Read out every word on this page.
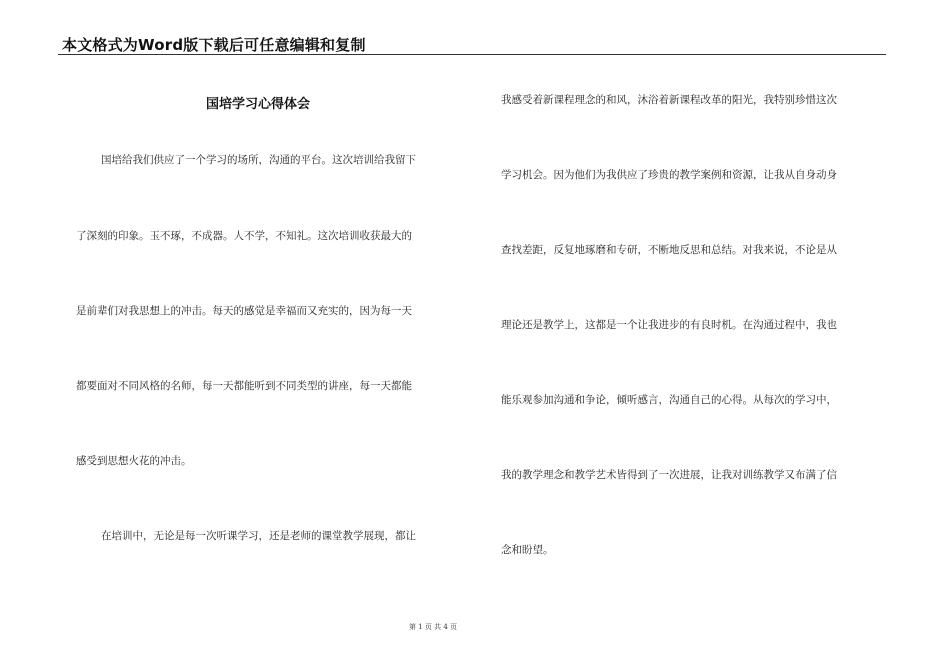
本文格式为Word版下载后可任意编辑和复制
国培学习心得体会
国培给我们供应了一个学习的场所，沟通的平台。这次培训给我留下
了深刻的印象。玉不琢，不成器。人不学，不知礼。这次培训收获最大的
是前辈们对我思想上的冲击。每天的感觉是幸福而又充实的，因为每一天
都要面对不同风格的名师，每一天都能听到不同类型的讲座，每一天都能
感受到思想火花的冲击。
在培训中，无论是每一次听课学习，还是老师的课堂教学展现，都让
我感受着新课程理念的和风，沐浴着新课程改革的阳光，我特别珍惜这次
学习机会。因为他们为我供应了珍贵的教学案例和资源，让我从自身动身
查找差距，反复地琢磨和专研，不断地反思和总结。对我来说，不论是从
理论还是教学上，这都是一个让我进步的有良时机。在沟通过程中，我也
能乐观参加沟通和争论，倾听感言，沟通自己的心得。从每次的学习中，
我的教学理念和教学艺术皆得到了一次进展，让我对训练教学又布满了信
念和盼望。
第 1 页 共 4 页
